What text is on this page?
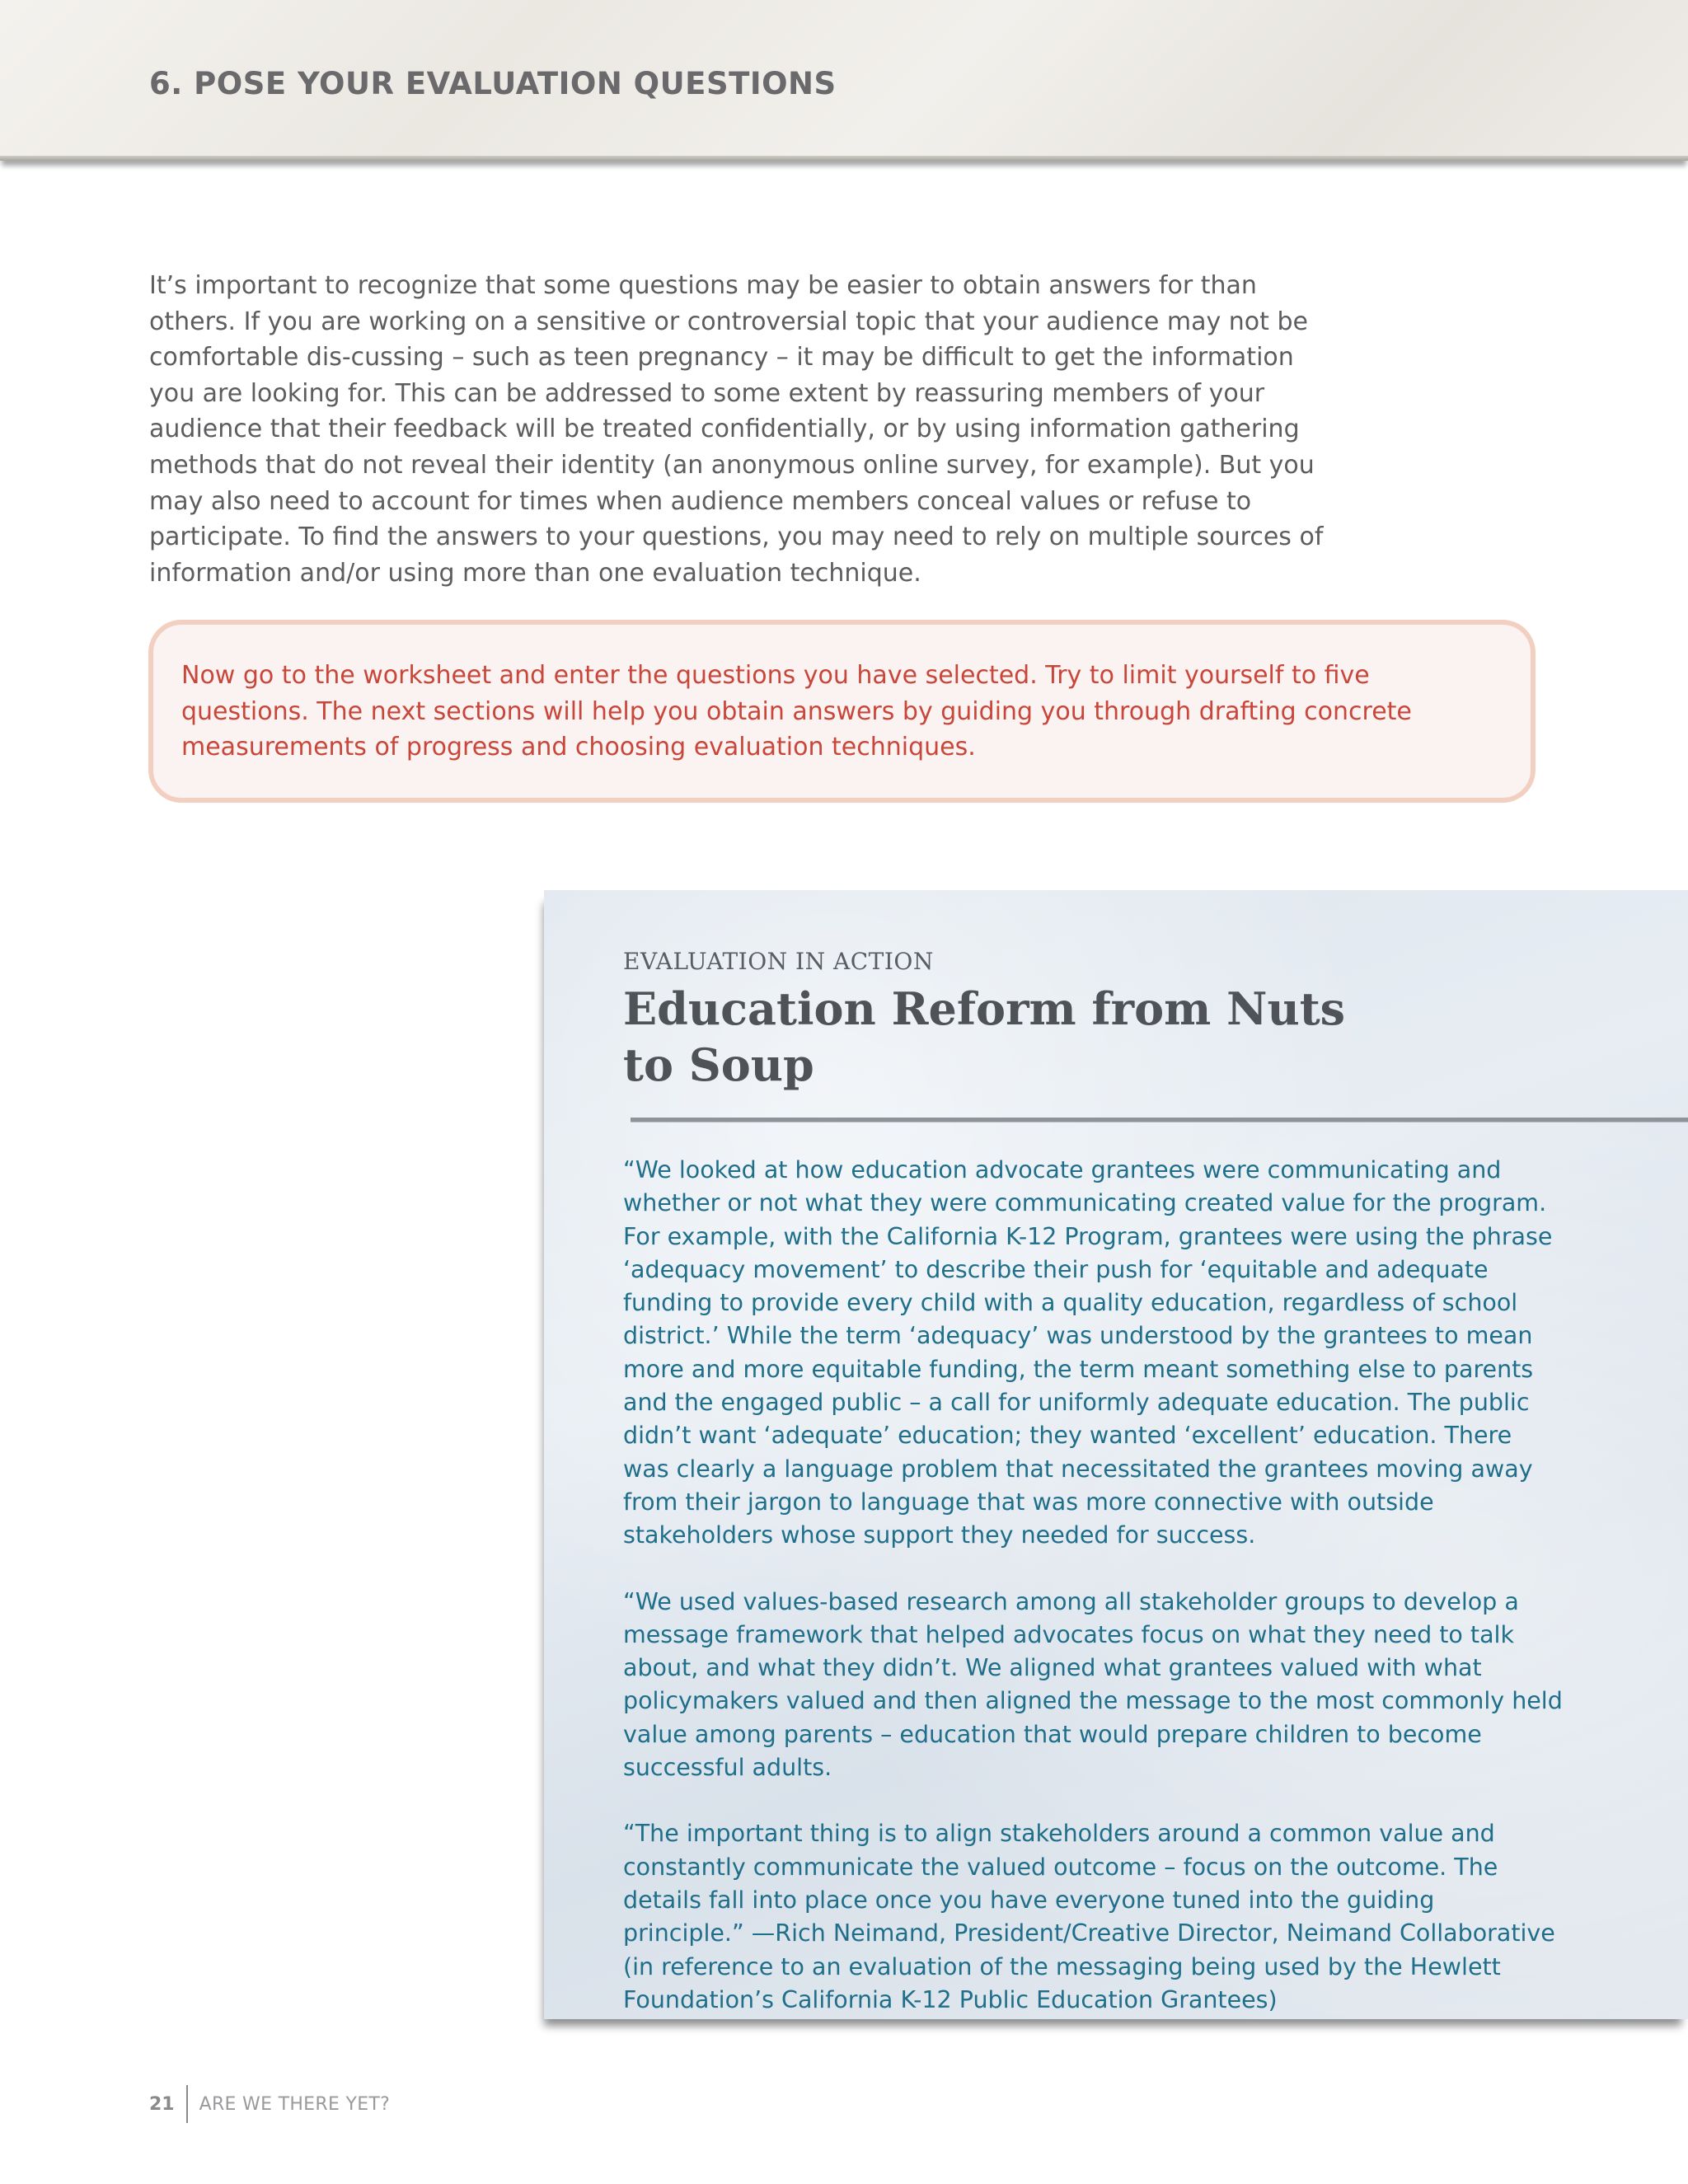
6. POSE YOUR EVALUATION QUESTIONS

It’s important to recognize that some questions may be easier to obtain answers for than others. If you are working on a sensitive or controversial topic that your audience may not be comfortable dis-cussing – such as teen pregnancy – it may be difficult to get the information you are looking for. This can be addressed to some extent by reassuring members of your audience that their feedback will be treated confidentially, or by using information gathering methods that do not reveal their identity (an anonymous online survey, for example). But you may also need to account for times when audience members conceal values or refuse to participate. To find the answers to your questions, you may need to rely on multiple sources of information and/or using more than one evaluation technique.

Now go to the worksheet and enter the questions you have selected. Try to limit yourself to five questions. The next sections will help you obtain answers by guiding you through drafting concrete measurements of progress and choosing evaluation techniques.

EVALUATION IN ACTION

Education Reform from Nuts to Soup

“We looked at how education advocate grantees were communicating and whether or not what they were communicating created value for the program. For example, with the California K-12 Program, grantees were using the phrase ‘adequacy movement’ to describe their push for ‘equitable and adequate funding to provide every child with a quality education, regardless of school district.’ While the term ‘adequacy’ was understood by the grantees to mean more and more equitable funding, the term meant something else to parents and the engaged public – a call for uniformly adequate education. The public didn’t want ‘adequate’ education; they wanted ‘excellent’ education. There was clearly a language problem that necessitated the grantees moving away from their jargon to language that was more connective with outside stakeholders whose support they needed for success.

“We used values-based research among all stakeholder groups to develop a message framework that helped advocates focus on what they need to talk about, and what they didn’t. We aligned what grantees valued with what policymakers valued and then aligned the message to the most commonly held value among parents – education that would prepare children to become successful adults.

“The important thing is to align stakeholders around a common value and constantly communicate the valued outcome – focus on the outcome. The details fall into place once you have everyone tuned into the guiding principle.” —Rich Neimand, President/Creative Director, Neimand Collaborative (in reference to an evaluation of the messaging being used by the Hewlett Foundation’s California K-12 Public Education Grantees)

21	ARE WE THERE YET?
